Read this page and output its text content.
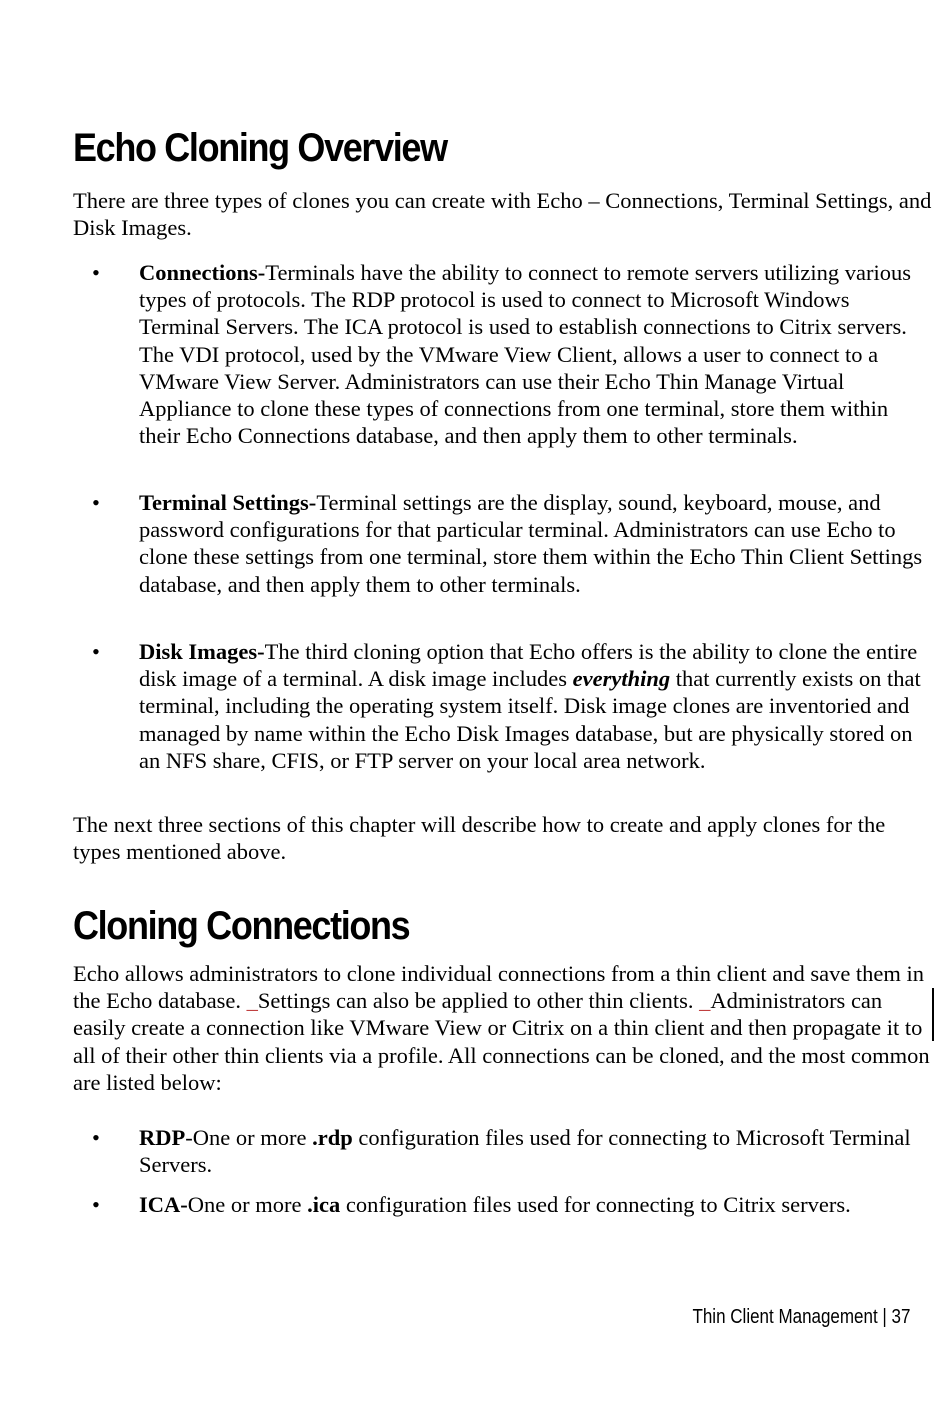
Echo Cloning Overview

There are three types of clones you can create with Echo – Connections, Terminal Settings, and Disk Images.

•	Connections-Terminals have the ability to connect to remote servers utilizing various types of protocols. The RDP protocol is used to connect to Microsoft Windows Terminal Servers. The ICA protocol is used to establish connections to Citrix servers. The VDI protocol, used by the VMware View Client, allows a user to connect to a VMware View Server. Administrators can use their Echo Thin Manage Virtual Appliance to clone these types of connections from one terminal, store them within their Echo Connections database, and then apply them to other terminals.
•	Terminal Settings-Terminal settings are the display, sound, keyboard, mouse, and password configurations for that particular terminal. Administrators can use Echo to clone these settings from one terminal, store them within the Echo Thin Client Settings database, and then apply them to other terminals.
•	Disk Images-The third cloning option that Echo offers is the ability to clone the entire disk image of a terminal. A disk image includes everything that currently exists on that terminal, including the operating system itself. Disk image clones are inventoried and managed by name within the Echo Disk Images database, but are physically stored on an NFS share, CFIS, or FTP server on your local area network.

The next three sections of this chapter will describe how to create and apply clones for the types mentioned above.

Cloning Connections

Echo allows administrators to clone individual connections from a thin client and save them in the Echo database. _Settings can also be applied to other thin clients. _Administrators can easily create a connection like VMware View or Citrix on a thin client and then propagate it to all of their other thin clients via a profile. All connections can be cloned, and the most common are listed below:

•	RDP-One or more .rdp configuration files used for connecting to Microsoft Terminal Servers.
•	ICA-One or more .ica configuration files used for connecting to Citrix servers.
Thin Client Management | 37
